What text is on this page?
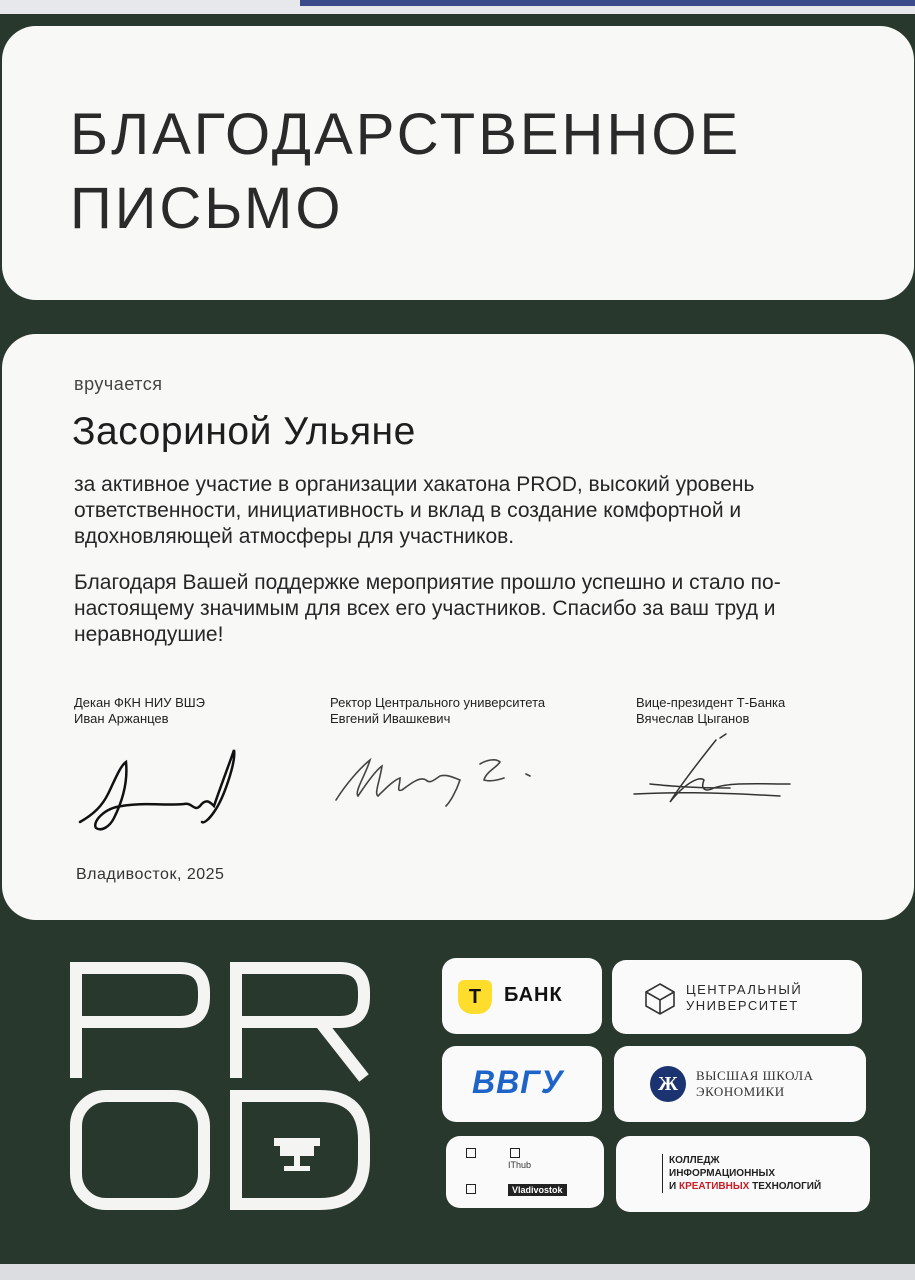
БЛАГОДАРСТВЕННОЕ
ПИСЬМО
вручается
Засориной Ульяне

за активное участие в организации хакатона PROD, высокий уровень ответственности, инициативность и вклад в создание комфортной и вдохновляющей атмосферы для участников.

Благодаря Вашей поддержке мероприятие прошло успешно и стало по-настоящему значимым для всех его участников. Спасибо за ваш труд и неравнодушие!

Декан ФКН НИУ ВШЭ
Иван Аржанцев
Ректор Центрального университета
Евгений Ивашкевич
Вице-президент Т-Банка
Вячеслав Цыганов
Владивосток, 2025
T	БАНК	ЦЕНТРАЛЬНЫЙ
УНИВЕРСИТЕТ
ВВГУ	Ж	ВЫСШАЯ ШКОЛА
ЭКОНОМИКИ
IThub
Vladivostok
КОЛЛЕДЖ
ИНФОРМАЦИОННЫХ
И КРЕАТИВНЫХ ТЕХНОЛОГИЙ
